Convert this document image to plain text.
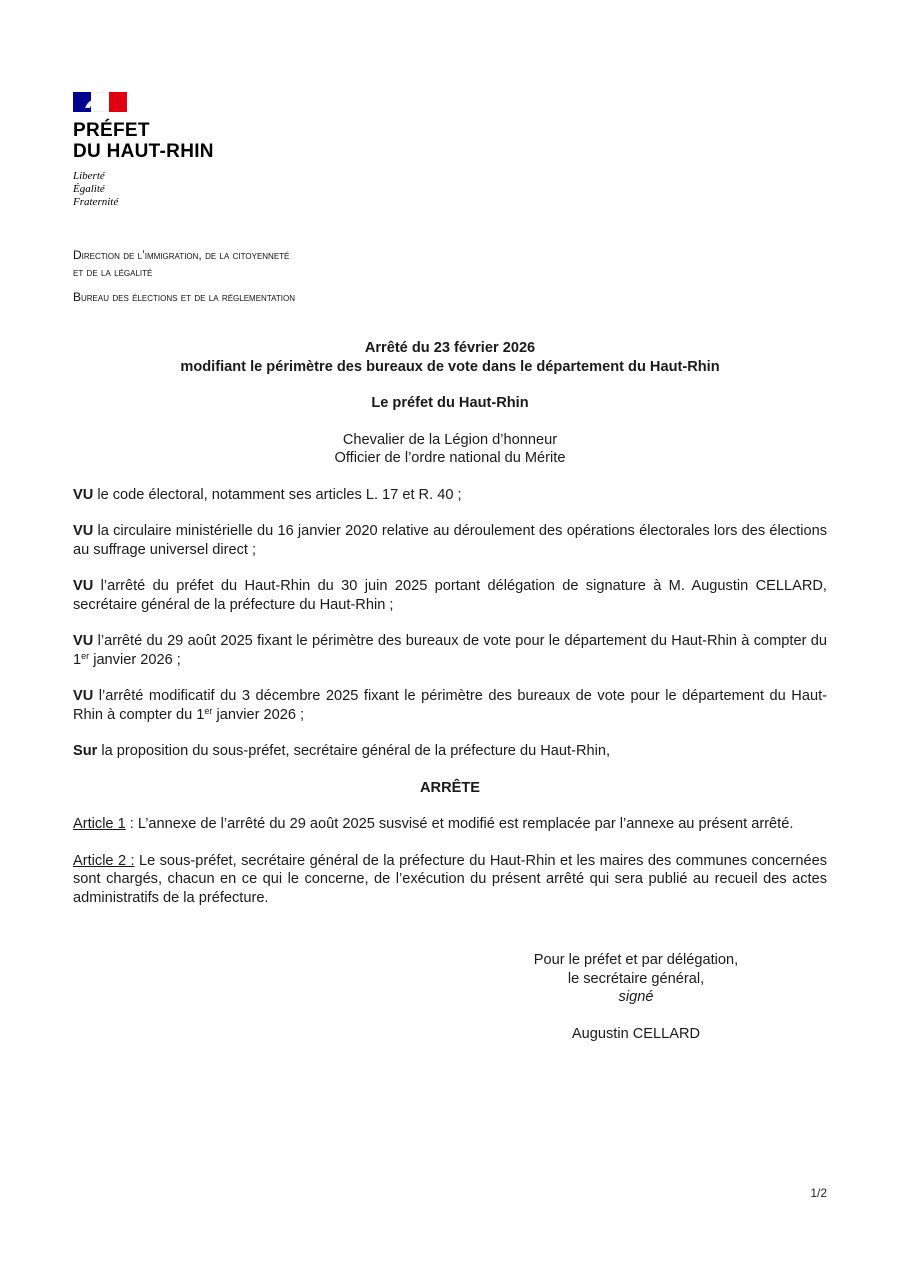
PRÉFET
DU HAUT-RHIN
Liberté
Égalité
Fraternité
Direction de l’immigration, de la citoyenneté
et de la légalité
Bureau des élections et de la réglementation
Arrêté du 23 février 2026
modifiant le périmètre des bureaux de vote dans le département du Haut-Rhin
Le préfet du Haut-Rhin
Chevalier de la Légion d’honneur
Officier de l’ordre national du Mérite

VU le code électoral, notamment ses articles L. 17 et R. 40 ;

VU la circulaire ministérielle du 16 janvier 2020 relative au déroulement des opérations électorales lors des élections au suffrage universel direct ;

VU l’arrêté du préfet du Haut-Rhin du 30 juin 2025 portant délégation de signature à M. Augustin CELLARD, secrétaire général de la préfecture du Haut-Rhin ;

VU l’arrêté du 29 août 2025 fixant le périmètre des bureaux de vote pour le département du Haut-Rhin à compter du 1er janvier 2026 ;

VU l’arrêté modificatif du 3 décembre 2025 fixant le périmètre des bureaux de vote pour le département du Haut-Rhin à compter du 1er janvier 2026 ;

Sur la proposition du sous-préfet, secrétaire général de la préfecture du Haut-Rhin,

ARRÊTE

Article 1 : L’annexe de l’arrêté du 29 août 2025 susvisé et modifié est remplacée par l’annexe au présent arrêté.

Article 2 : Le sous-préfet, secrétaire général de la préfecture du Haut-Rhin et les maires des communes concernées sont chargés, chacun en ce qui le concerne, de l’exécution du présent arrêté qui sera publié au recueil des actes administratifs de la préfecture.

Pour le préfet et par délégation,
le secrétaire général,
signé
Augustin CELLARD
1/2
